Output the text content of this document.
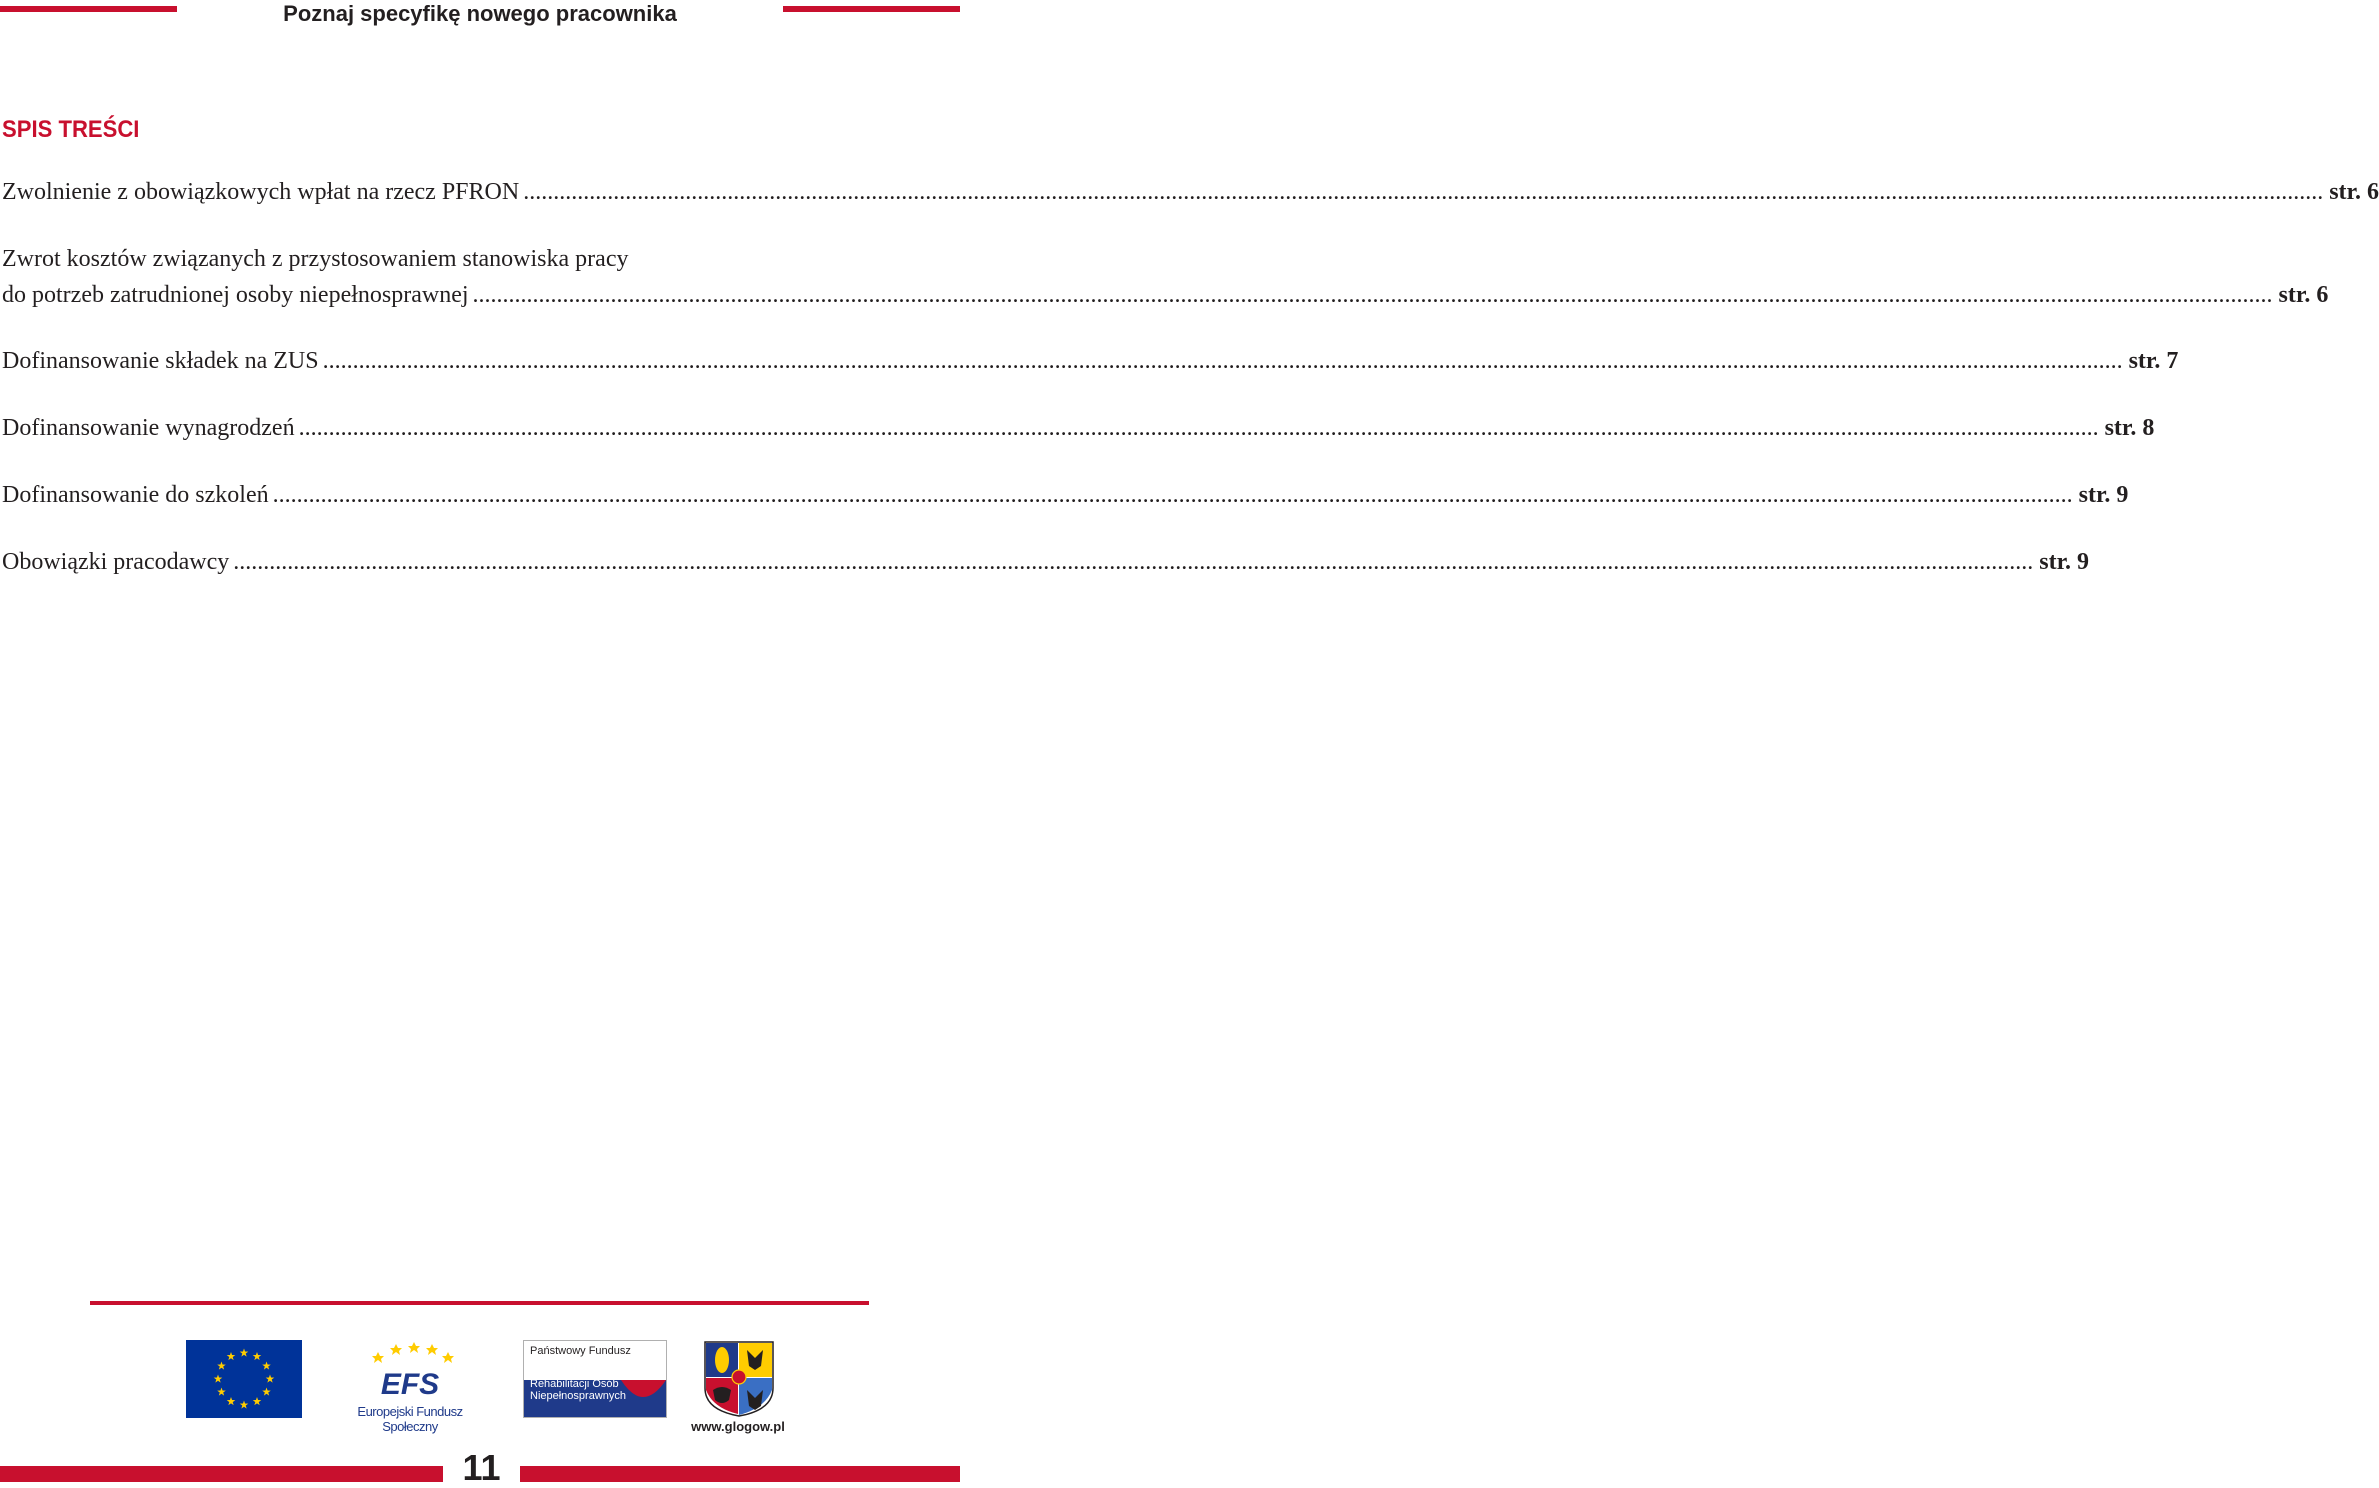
Poznaj specyfikę nowego pracownika
SPIS TREŚCI
Zwolnienie z obowiązkowych wpłat na rzecz PFRON ............................................................................................................................................................................................................................................................................................................ str. 6
Zwrot kosztów związanych z przystosowaniem stanowiska pracy
do potrzeb zatrudnionej osoby niepełnosprawnej ............................................................................................................................................................................................................................................................................................................ str. 6
Dofinansowanie składek na ZUS ............................................................................................................................................................................................................................................................................................................ str. 7
Dofinansowanie wynagrodzeń ............................................................................................................................................................................................................................................................................................................ str. 8
Dofinansowanie do szkoleń ............................................................................................................................................................................................................................................................................................................ str. 9
Obowiązki pracodawcy ............................................................................................................................................................................................................................................................................................................ str. 9
EFS
Europejski Fundusz Społeczny
Państwowy Fundusz
Rehabilitacji Osób
Niepełnosprawnych
www.glogow.pl
11
